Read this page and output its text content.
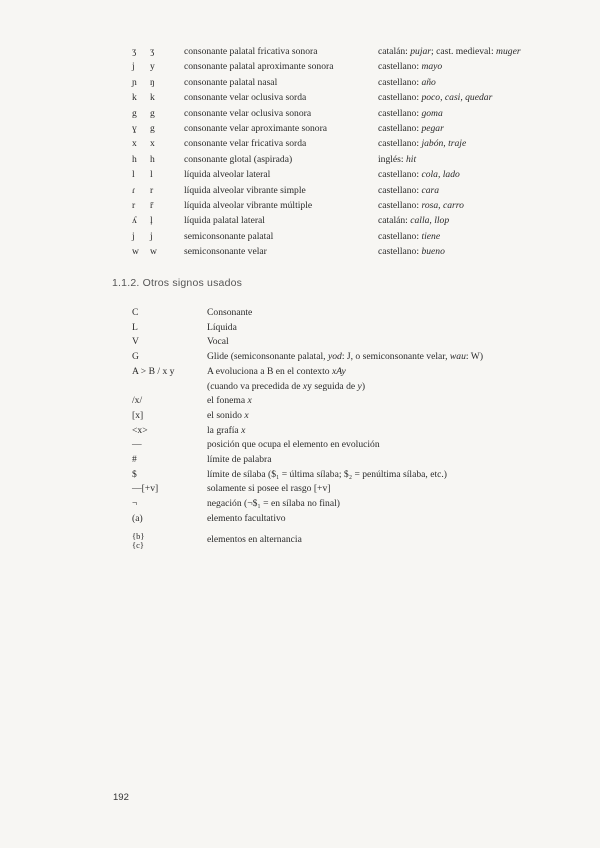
ʒ	ʒ	consonante palatal fricativa sonora	catalán: pujar; cast. medieval: muger
j	y	consonante palatal aproximante sonora	castellano: mayo
ɲ	ŋ	consonante palatal nasal	castellano: año
k	k	consonante velar oclusiva sorda	castellano: poco, casi, quedar
g	g	consonante velar oclusiva sonora	castellano: goma
ɣ	g	consonante velar aproximante sonora	castellano: pegar
x	x	consonante velar fricativa sorda	castellano: jabón, traje
h	h	consonante glotal (aspirada)	inglés: hit
l	l	líquida alveolar lateral	castellano: cola, lado
ɾ	r	líquida alveolar vibrante simple	castellano: cara
r	r̄	líquida alveolar vibrante múltiple	castellano: rosa, carro
ʎ	ļ	líquida palatal lateral	catalán: calla, llop
j	j	semiconsonante palatal	castellano: tiene
w	w	semiconsonante velar	castellano: bueno
1.1.2. Otros signos usados
C	Consonante
L	Líquida
V	Vocal
G	Glide (semiconsonante palatal, yod: J, o semiconsonante velar, wau: W)
A > B / x y	A evoluciona a B en el contexto xAy
(cuando va precedida de xy seguida de y)
/x/	el fonema x
[x]	el sonido x
<x>	la grafía x
—	posición que ocupa el elemento en evolución
#	límite de palabra
$	límite de sílaba ($₁ = última sílaba; $₂ = penúltima sílaba, etc.)
—[+v]	solamente si posee el rasgo [+v]
¬	negación (¬$₁ = en sílaba no final)
(a)	elemento facultativo
{b}
{c}	elementos en alternancia
192
